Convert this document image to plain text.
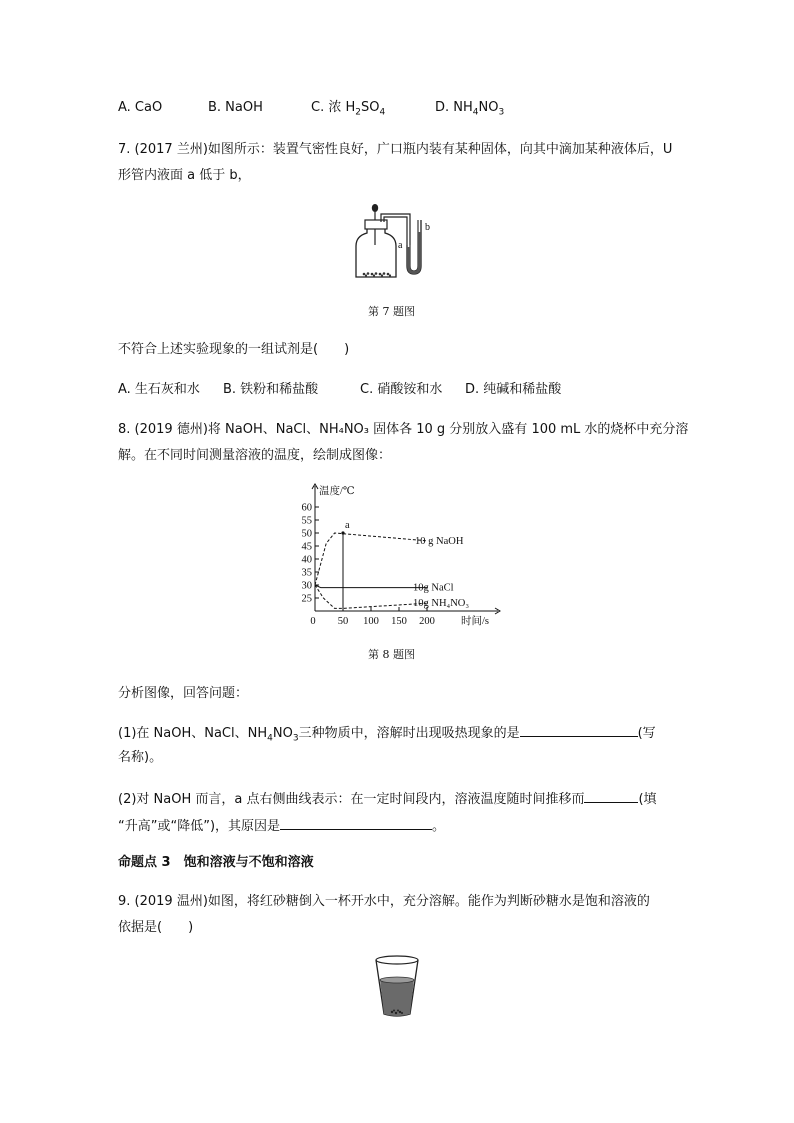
A. CaO	B. NaOH	C. 浓 $H_2SO_4$	D. $NH_4NO_3$
7. (2017 兰州)如图所示：装置气密性良好，广口瓶内装有某种固体，向其中滴加某种液体后，U
形管内液面 a 低于 b，
a
b
第 7 题图
不符合上述实验现象的一组试剂是(　　)
A. 生石灰和水 B. 铁粉和稀盐酸	C. 硝酸铵和水 D. 纯碱和稀盐酸
8. (2019 德州)将 NaOH、NaCl、NH₄NO₃ 固体各 10 g 分别放入盛有 100 mL 水的烧杯中充分溶
解。在不同时间测量溶液的温度，绘制成图像：
60
55
50
45
40
35
30
25
0 50 100 150 200
温度/℃
时间/s
10 g NaOH
10g NaCl
10g NH₄NO₃
a
第 8 题图
分析图像，回答问题：
(1)在 NaOH、NaCl、$NH_4NO_3$三种物质中，溶解时出现吸热现象的是	(写
名称)。
(2)对 NaOH 而言，a 点右侧曲线表示：在一定时间段内，溶液温度随时间推移而	(填
“升高”或“降低”)，其原因是	。
命题点 3　饱和溶液与不饱和溶液
9. (2019 温州)如图，将红砂糖倒入一杯开水中，充分溶解。能作为判断砂糖水是饱和溶液的
依据是(　　)
